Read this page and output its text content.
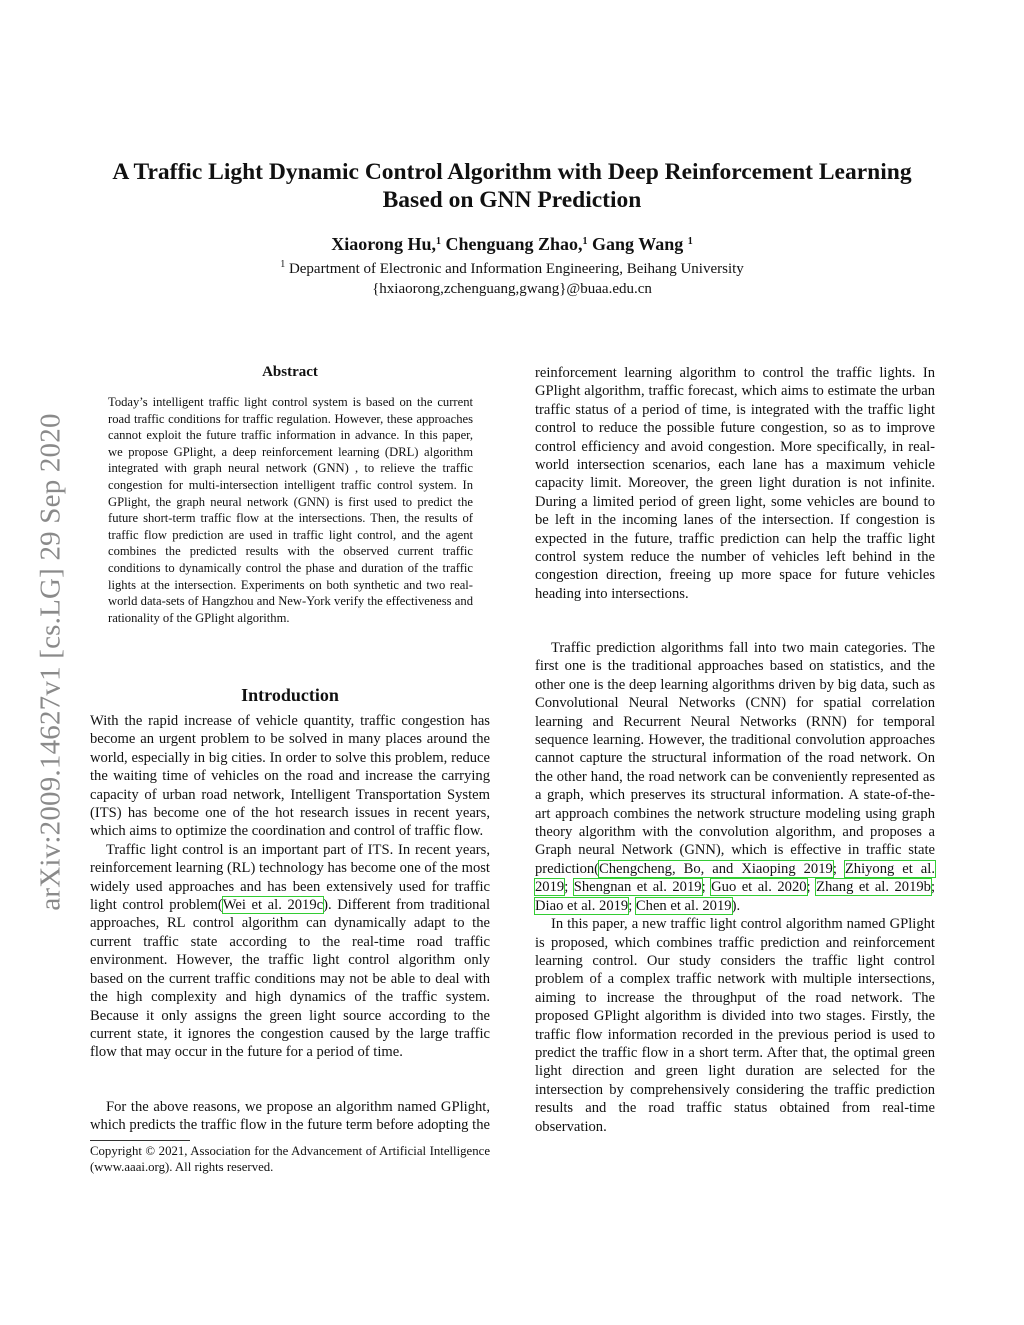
arXiv:2009.14627v1 [cs.LG] 29 Sep 2020
A Traffic Light Dynamic Control Algorithm with Deep Reinforcement Learning Based on GNN Prediction
Xiaorong Hu,$^1$ Chenguang Zhao,$^1$ Gang Wang $^1$
$^1$ Department of Electronic and Information Engineering, Beihang University
{hxiaorong,zchenguang,gwang}@buaa.edu.cn
Abstract
Today’s intelligent traffic light control system is based on the current road traffic conditions for traffic regulation. However, these approaches cannot exploit the future traffic information in advance. In this paper, we propose GPlight, a deep reinforcement learning (DRL) algorithm integrated with graph neural network (GNN) , to relieve the traffic congestion for multi-intersection intelligent traffic control system. In GPlight, the graph neural network (GNN) is first used to predict the future short-term traffic flow at the intersections. Then, the results of traffic flow prediction are used in traffic light control, and the agent combines the predicted results with the observed current traffic conditions to dynamically control the phase and duration of the traffic lights at the intersection. Experiments on both synthetic and two real-world data-sets of Hangzhou and New-York verify the effectiveness and rationality of the GPlight algorithm.
Introduction

With the rapid increase of vehicle quantity, traffic congestion has become an urgent problem to be solved in many places around the world, especially in big cities. In order to solve this problem, reduce the waiting time of vehicles on the road and increase the carrying capacity of urban road network, Intelligent Transportation System (ITS) has become one of the hot research issues in recent years, which aims to optimize the coordination and control of traffic flow.

Traffic light control is an important part of ITS. In recent years, reinforcement learning (RL) technology has become one of the most widely used approaches and has been extensively used for traffic light control problem(Wei et al. 2019c). Different from traditional approaches, RL control algorithm can dynamically adapt to the current traffic state according to the real-time road traffic environment. However, the traffic light control algorithm only based on the current traffic conditions may not be able to deal with the high complexity and high dynamics of the traffic system. Because it only assigns the green light source according to the current state, it ignores the congestion caused by the large traffic flow that may occur in the future for a period of time.

For the above reasons, we propose an algorithm named GPlight, which predicts the traffic flow in the future term before adopting the

Copyright © 2021, Association for the Advancement of Artificial Intelligence (www.aaai.org). All rights reserved.

reinforcement learning algorithm to control the traffic lights. In GPlight algorithm, traffic forecast, which aims to estimate the urban traffic status of a period of time, is integrated with the traffic light control to reduce the possible future congestion, so as to improve control efficiency and avoid congestion. More specifically, in real-world intersection scenarios, each lane has a maximum vehicle capacity limit. Moreover, the green light duration is not infinite. During a limited period of green light, some vehicles are bound to be left in the incoming lanes of the intersection. If congestion is expected in the future, traffic prediction can help the traffic light control system reduce the number of vehicles left behind in the congestion direction, freeing up more space for future vehicles heading into intersections.

Traffic prediction algorithms fall into two main categories. The first one is the traditional approaches based on statistics, and the other one is the deep learning algorithms driven by big data, such as Convolutional Neural Networks (CNN) for spatial correlation learning and Recurrent Neural Networks (RNN) for temporal sequence learning. However, the traditional convolution approaches cannot capture the structural information of the road network. On the other hand, the road network can be conveniently represented as a graph, which preserves its structural information. A state-of-the-art approach combines the network structure modeling using graph theory algorithm with the convolution algorithm, and proposes a Graph neural Network (GNN), which is effective in traffic state prediction(Chengcheng, Bo, and Xiaoping 2019; Zhiyong et al. 2019; Shengnan et al. 2019; Guo et al. 2020; Zhang et al. 2019b; Diao et al. 2019; Chen et al. 2019).

In this paper, a new traffic light control algorithm named GPlight is proposed, which combines traffic prediction and reinforcement learning control. Our study considers the traffic light control problem of a complex traffic network with multiple intersections, aiming to increase the throughput of the road network. The proposed GPlight algorithm is divided into two stages. Firstly, the traffic flow information recorded in the previous period is used to predict the traffic flow in a short term. After that, the optimal green light direction and green light duration are selected for the intersection by comprehensively considering the traffic prediction results and the road traffic status obtained from real-time observation.
